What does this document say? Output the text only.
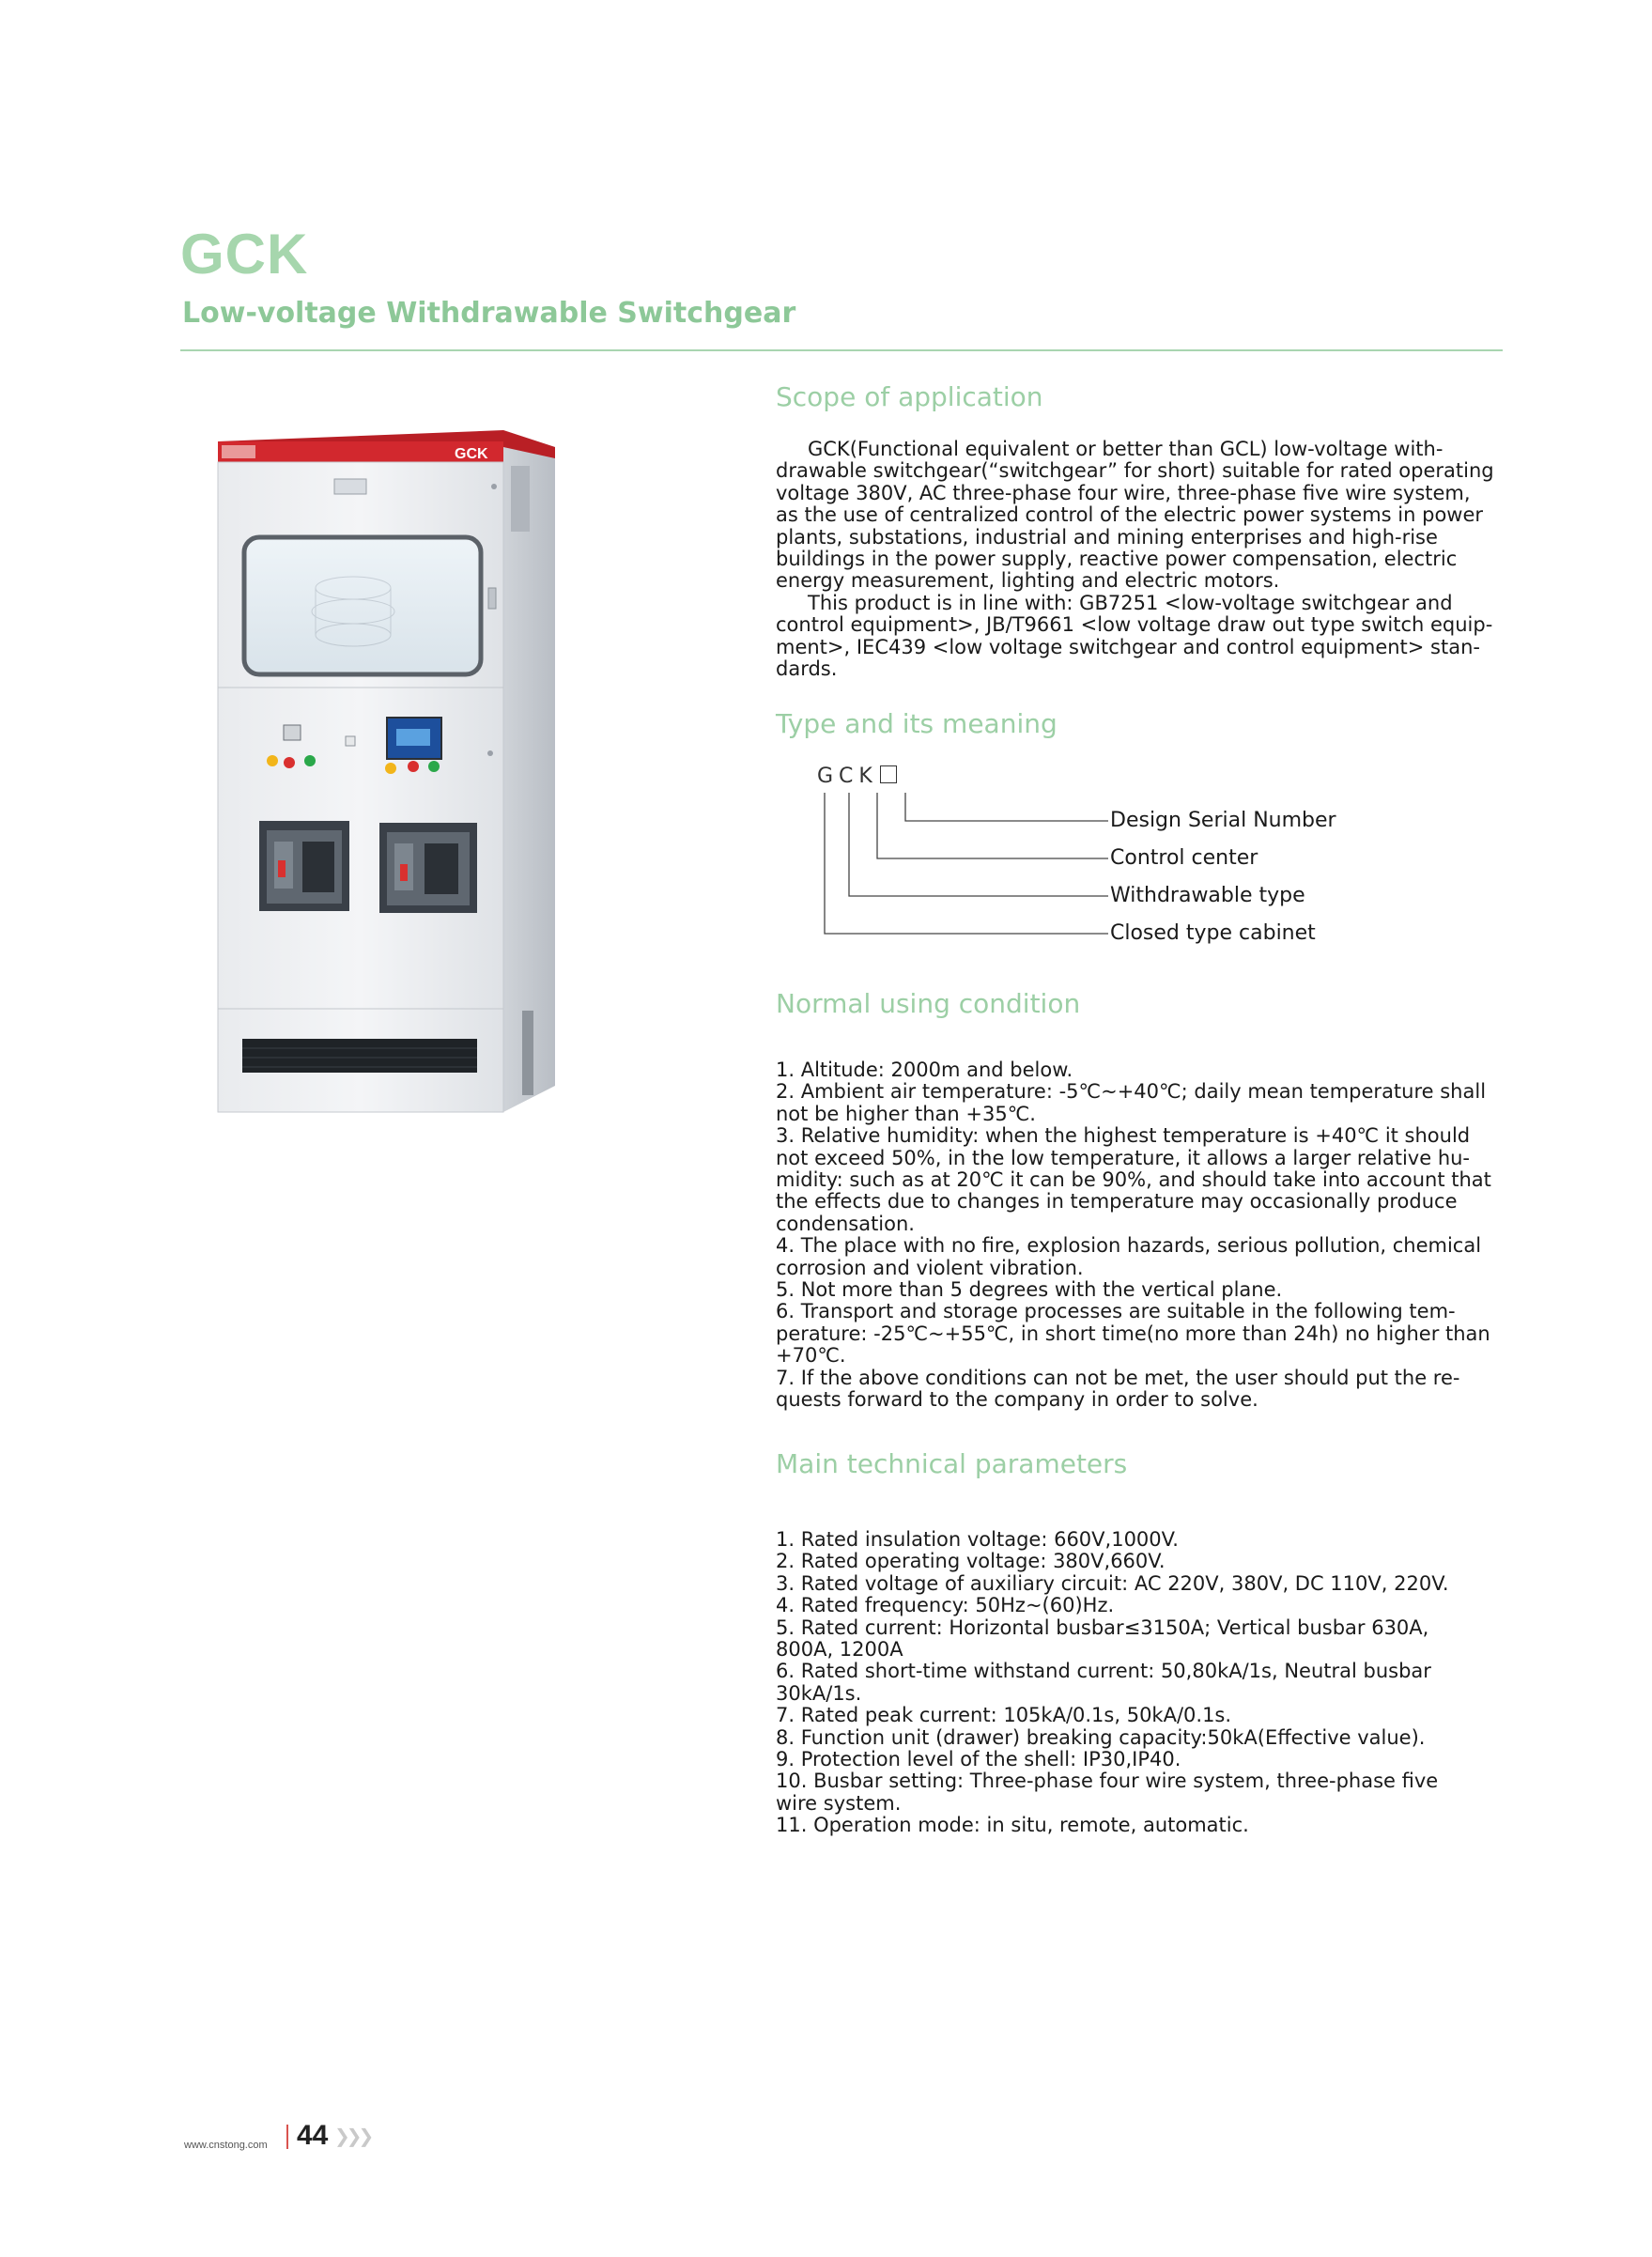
GCK
Low-voltage Withdrawable Switchgear
GCK
Scope of application

GCK(Functional equivalent or better than GCL) low-voltage with-

drawable switchgear(“switchgear” for short) suitable for rated operating

voltage 380V, AC three-phase four wire, three-phase five wire system,

as the use of centralized control of the electric power systems in power

plants, substations, industrial and mining enterprises and high-rise

buildings in the power supply, reactive power compensation, electric

energy measurement, lighting and electric motors.

This product is in line with: GB7251 <low-voltage switchgear and

control equipment>, JB/T9661 <low voltage draw out type switch equip-

ment>, IEC439 <low voltage switchgear and control equipment> stan-

dards.

Type and its meaning
GCK
Design Serial Number
Control center
Withdrawable type
Closed type cabinet
Normal using condition
1. Altitude: 2000m and below.
2. Ambient air temperature: -5℃~+40℃; daily mean temperature shall
not be higher than +35℃.
3. Relative humidity: when the highest temperature is +40℃ it should
not exceed 50%, in the low temperature, it allows a larger relative hu-
midity: such as at 20℃ it can be 90%, and should take into account that
the effects due to changes in temperature may occasionally produce
condensation.
4. The place with no fire, explosion hazards, serious pollution, chemical
corrosion and violent vibration.
5. Not more than 5 degrees with the vertical plane.
6. Transport and storage processes are suitable in the following tem-
perature: -25℃~+55℃, in short time(no more than 24h) no higher than
+70℃.
7. If the above conditions can not be met, the user should put the re-
quests forward to the company in order to solve.
Main technical parameters
1. Rated insulation voltage: 660V,1000V.
2. Rated operating voltage: 380V,660V.
3. Rated voltage of auxiliary circuit: AC 220V, 380V, DC 110V, 220V.
4. Rated frequency: 50Hz~(60)Hz.
5. Rated current: Horizontal busbar≤3150A; Vertical busbar 630A,
800A, 1200A
6. Rated short-time withstand current: 50,80kA/1s, Neutral busbar
30kA/1s.
7. Rated peak current: 105kA/0.1s, 50kA/0.1s.
8. Function unit (drawer) breaking capacity:50kA(Effective value).
9. Protection level of the shell: IP30,IP40.
10. Busbar setting: Three-phase four wire system, three-phase five
wire system.
11. Operation mode: in situ, remote, automatic.
www.cnstong.com 44 ❯❯❯
